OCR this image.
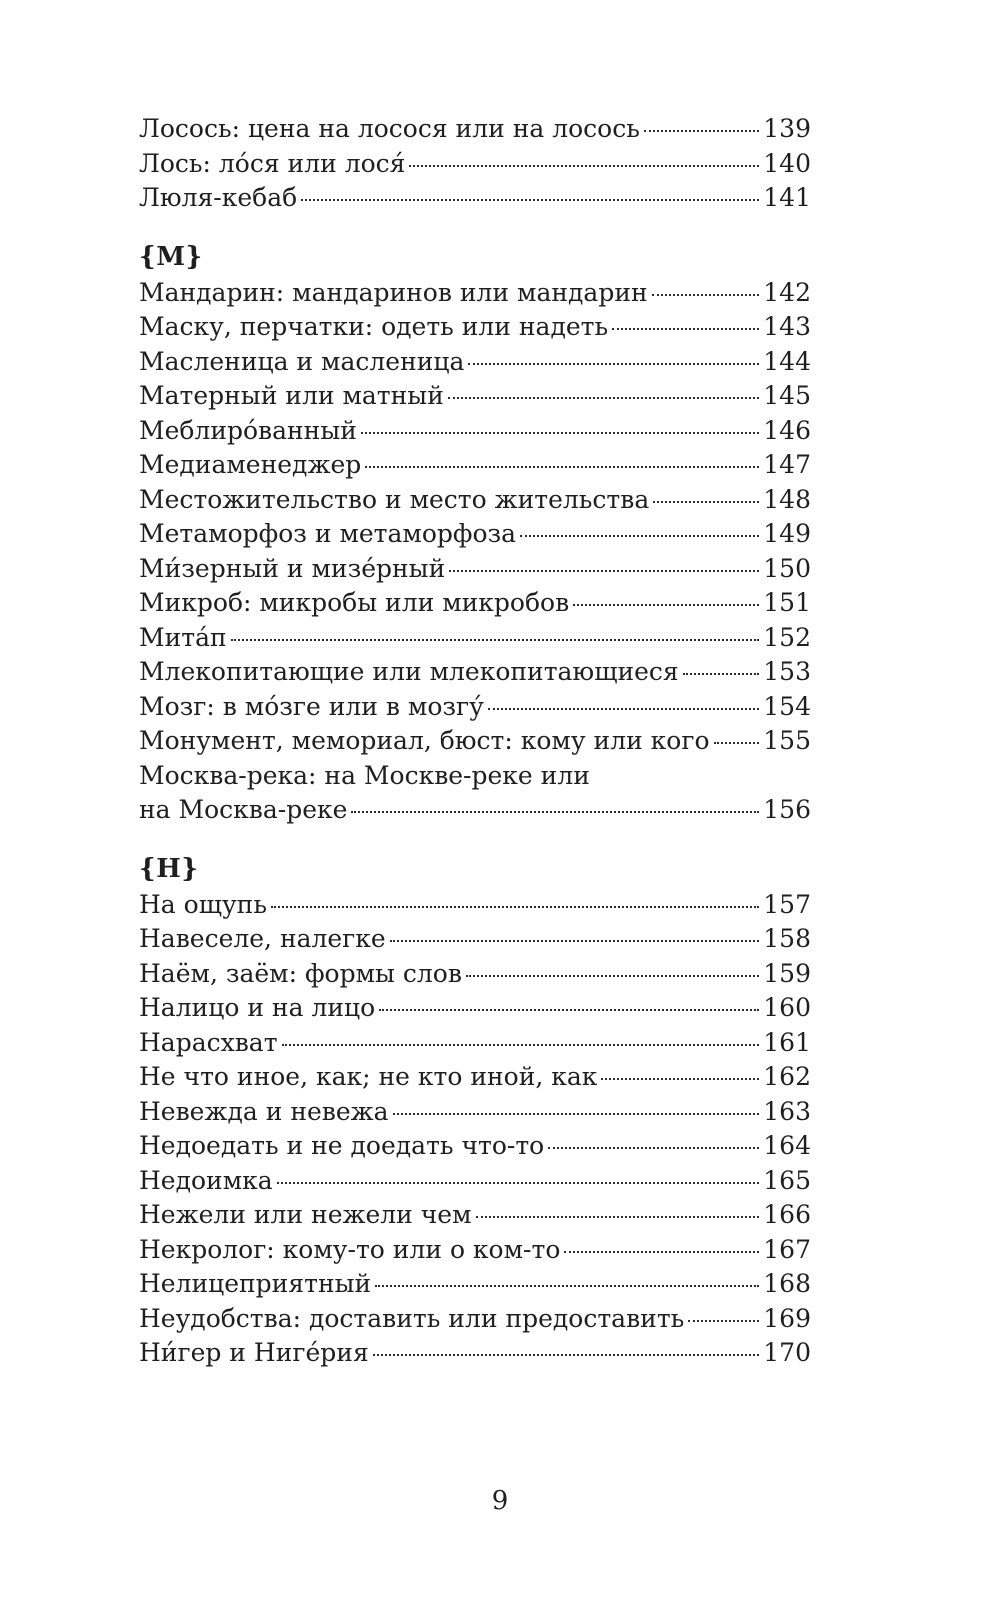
Лосось: цена на лосося или на лосось	139
Лось: ло́ся или лося́	140
Люля-кебаб	141
{М}
Мандарин: мандаринов или мандарин	142
Маску, перчатки: одеть или надеть	143
Масленица и масленица	144
Матерный или матный	145
Меблиро́ванный	146
Медиаменеджер	147
Местожительство и место жительства	148
Метаморфоз и метаморфоза	149
Ми́зерный и мизе́рный	150
Микроб: микробы или микробов	151
Мита́п	152
Млекопитающие или млекопитающиеся	153
Мозг: в мо́зге или в мозгу́	154
Монумент, мемориал, бюст: кому или кого 155
Москва-река: на Москве-реке или
на Москва-реке	156
{Н}
На ощупь	157
Навеселе, налегке	158
Наём, заём: формы слов	159
Налицо и на лицо	160
Нарасхват	161
Не что иное, как; не кто иной, как	162
Невежда и невежа	163
Недоедать и не доедать что-то	164
Недоимка	165
Нежели или нежели чем	166
Некролог: кому-то или о ком-то	167
Нелицеприятный	168
Неудобства: доставить или предоставить	169
Ни́гер и Ниге́рия	170
9
